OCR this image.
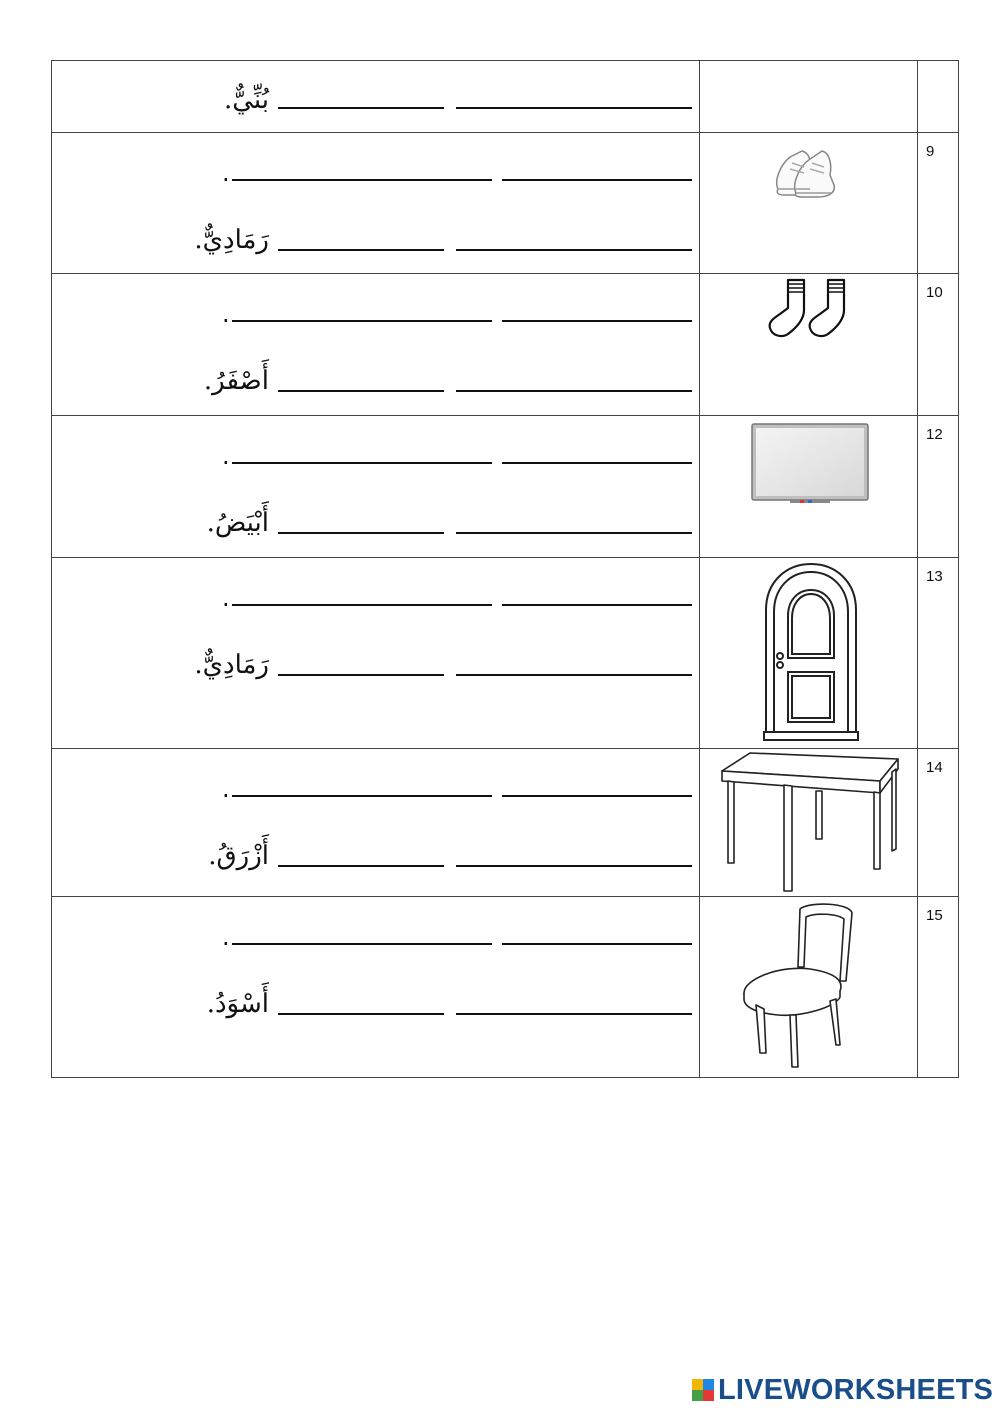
بُنِّيٌّ.		

.
رَمَادِيٌّ.		9

.
أَصْفَرُ.		10

.
أَبْيَضُ.		12

.
رَمَادِيٌّ.		13

.
أَزْرَقُ.		14

.
أَسْوَدُ.		15
LIVEWORKSHEETS
